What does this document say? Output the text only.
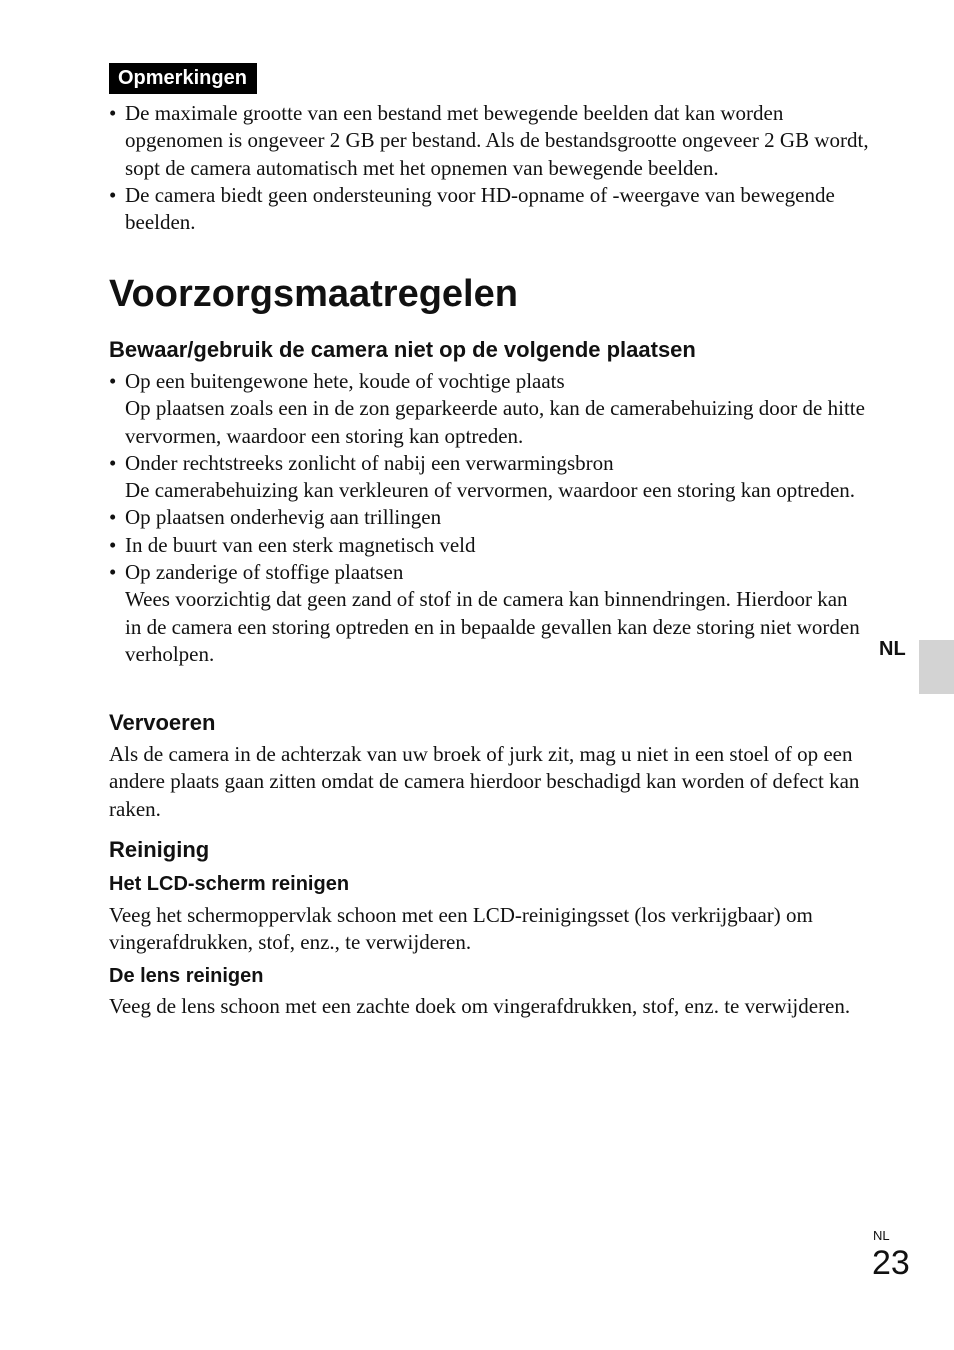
Opmerkingen
• De maximale grootte van een bestand met bewegende beelden dat kan worden opgenomen is ongeveer 2 GB per bestand. Als de bestandsgrootte ongeveer 2 GB wordt, sopt de camera automatisch met het opnemen van bewegende beelden.
• De camera biedt geen ondersteuning voor HD-opname of -weergave van bewegende beelden.
Voorzorgsmaatregelen
Bewaar/gebruik de camera niet op de volgende plaatsen
• Op een buitengewone hete, koude of vochtige plaats
Op plaatsen zoals een in de zon geparkeerde auto, kan de camerabehuizing door de hitte vervormen, waardoor een storing kan optreden.
• Onder rechtstreeks zonlicht of nabij een verwarmingsbron
De camerabehuizing kan verkleuren of vervormen, waardoor een storing kan optreden.
• Op plaatsen onderhevig aan trillingen
• In de buurt van een sterk magnetisch veld
• Op zanderige of stoffige plaatsen
Wees voorzichtig dat geen zand of stof in de camera kan binnendringen. Hierdoor kan in de camera een storing optreden en in bepaalde gevallen kan deze storing niet worden verholpen.
Vervoeren
Als de camera in de achterzak van uw broek of jurk zit, mag u niet in een stoel of op een andere plaats gaan zitten omdat de camera hierdoor beschadigd kan worden of defect kan raken.
Reiniging
Het LCD-scherm reinigen
Veeg het schermoppervlak schoon met een LCD-reinigingsset (los verkrijgbaar) om vingerafdrukken, stof, enz., te verwijderen.
De lens reinigen
Veeg de lens schoon met een zachte doek om vingerafdrukken, stof, enz. te verwijderen.
NL
NL
23
